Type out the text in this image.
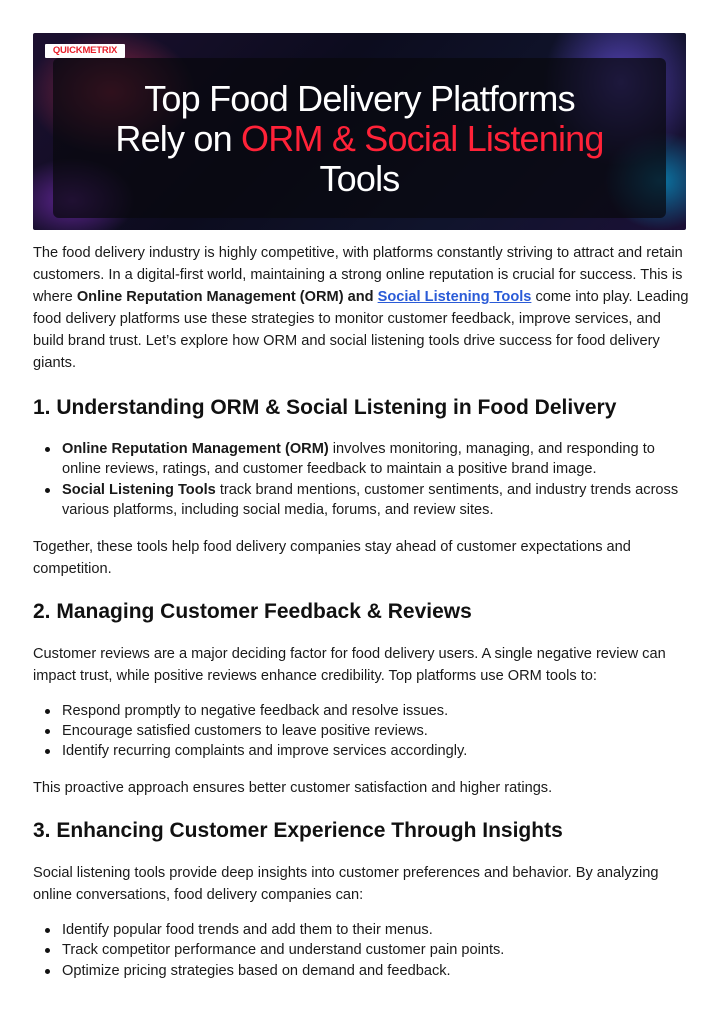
QUICKMETRIX
Top Food Delivery Platforms
Rely on ORM & Social Listening
Tools

The food delivery industry is highly competitive, with platforms constantly striving to attract and retain customers. In a digital-first world, maintaining a strong online reputation is crucial for success. This is where Online Reputation Management (ORM) and Social Listening Tools come into play. Leading food delivery platforms use these strategies to monitor customer feedback, improve services, and build brand trust. Let’s explore how ORM and social listening tools drive success for food delivery giants.

1. Understanding ORM & Social Listening in Food Delivery
Online Reputation Management (ORM) involves monitoring, managing, and responding to online reviews, ratings, and customer feedback to maintain a positive brand image.
Social Listening Tools track brand mentions, customer sentiments, and industry trends across various platforms, including social media, forums, and review sites.

Together, these tools help food delivery companies stay ahead of customer expectations and competition.

2. Managing Customer Feedback & Reviews

Customer reviews are a major deciding factor for food delivery users. A single negative review can impact trust, while positive reviews enhance credibility. Top platforms use ORM tools to:

Respond promptly to negative feedback and resolve issues.
Encourage satisfied customers to leave positive reviews.
Identify recurring complaints and improve services accordingly.

This proactive approach ensures better customer satisfaction and higher ratings.

3. Enhancing Customer Experience Through Insights

Social listening tools provide deep insights into customer preferences and behavior. By analyzing online conversations, food delivery companies can:

Identify popular food trends and add them to their menus.
Track competitor performance and understand customer pain points.
Optimize pricing strategies based on demand and feedback.
